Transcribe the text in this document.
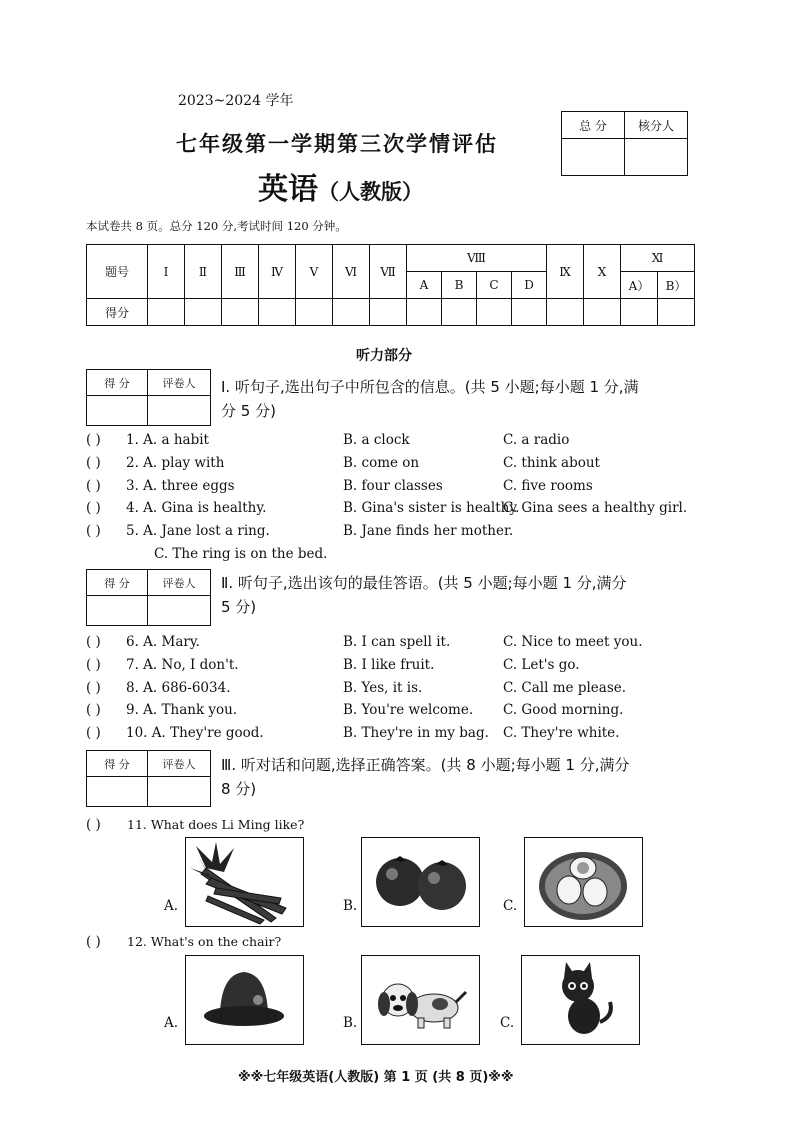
2023~2024 学年
七年级第一学期第三次学情评估
英语（人教版）
本试卷共 8 页。总分 120 分,考试时间 120 分钟。
总 分	核分人

题号	Ⅰ	Ⅱ	Ⅲ	Ⅳ	Ⅴ	Ⅵ	Ⅶ	Ⅷ				Ⅸ	Ⅹ	Ⅺ	
								A	B	C	D			A）	B）
得分															
听力部分
得 分	评卷人
	Ⅰ. 听句子,选出句子中所包含的信息。(共 5 小题;每小题 1 分,满
分 5 分)
( ) 1. A. a habit	B. a clock	C. a radio
( ) 2. A. play with	B. come on	C. think about
( ) 3. A. three eggs	B. four classes	C. five rooms
( ) 4. A. Gina is healthy.	B. Gina's sister is healthy.
C. Gina sees a healthy girl.
( ) 5. A. Jane lost a ring.	B. Jane finds her mother.
C. The ring is on the bed.
得 分	评卷人
	Ⅱ. 听句子,选出该句的最佳答语。(共 5 小题;每小题 1 分,满分
5 分)
( ) 6. A. Mary.	B. I can spell it.	C. Nice to meet you.
( ) 7. A. No, I don't.	B. I like fruit.	C. Let's go.
( ) 8. A. 686-6034.	B. Yes, it is.	C. Call me please.
( ) 9. A. Thank you.	B. You're welcome. C. Good morning.
( ) 10. A. They're good.	B. They're in my bag. C. They're white.
得 分	评卷人
	Ⅲ. 听对话和问题,选择正确答案。(共 8 小题;每小题 1 分,满分
8 分)
( ) 11. What does Li Ming like?
A.	B.	C.
( ) 12. What's on the chair?
A.	B.	C.
※※七年级英语(人教版) 第 1 页 (共 8 页)※※
